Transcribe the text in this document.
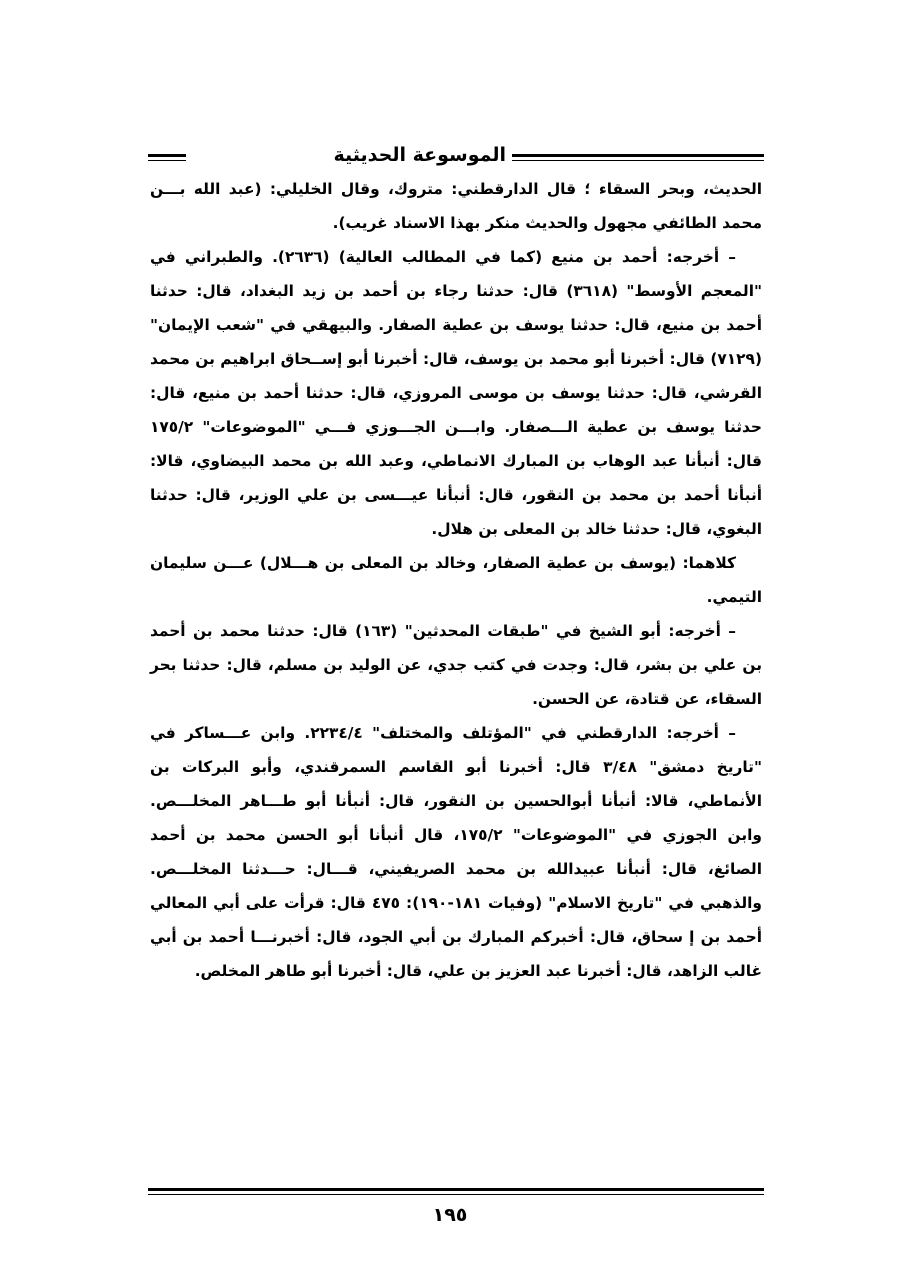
الموسوعة الحديثية

الحديث، وبحر السقاء ؛ قال الدارقطني: متروك، وقال الخليلي: (عبد الله بـــن محمد الطائفي مجهول والحديث منكر بهذا الاسناد غريب).

– أخرجه: أحمد بن منيع (كما في المطالب العالية) (٢٦٣٦). والطبراني في "المعجم الأوسط" (٣٦١٨) قال: حدثنا رجاء بن أحمد بن زيد البغداد، قال: حدثنا أحمد بن منيع، قال: حدثنا يوسف بن عطية الصفار. والبيهقي في "شعب الإيمان" (٧١٢٩) قال: أخبرنا أبو محمد بن يوسف، قال: أخبرنا أبو إســحاق ابراهيم بن محمد القرشي، قال: حدثنا يوسف بن موسى المروزي، قال: حدثنا أحمد بن منيع، قال: حدثنا يوسف بن عطية الـــصفار. وابـــن الجـــوزي فـــي "الموضوعات" ١٧٥/٢ قال: أنبأنا عبد الوهاب بن المبارك الانماطي، وعبد الله بن محمد البيضاوي، قالا: أنبأنا أحمد بن محمد بن النقور، قال: أنبأنا عيـــسى بن علي الوزير، قال: حدثنا البغوي، قال: حدثنا خالد بن المعلى بن هلال.

كلاهما: (يوسف بن عطية الصفار، وخالد بن المعلى بن هـــلال) عـــن سليمان التيمي.

– أخرجه: أبو الشيخ في "طبقات المحدثين" (١٦٣) قال: حدثنا محمد بن أحمد بن علي بن بشر، قال: وجدت في كتب جدي، عن الوليد بن مسلم، قال: حدثنا بحر السقاء، عن قتادة، عن الحسن.

– أخرجه: الدارقطني في "المؤتلف والمختلف" ٢٢٣٤/٤. وابن عـــساكر في "تاريخ دمشق" ٣/٤٨ قال: أخبرنا أبو القاسم السمرقندي، وأبو البركات بن الأنماطي، قالا: أنبأنا أبوالحسين بن النقور، قال: أنبأنا أبو طـــاهر المخلـــص. وابن الجوزي في "الموضوعات" ١٧٥/٢، قال أنبأنا أبو الحسن محمد بن أحمد الصائغ، قال: أنبأنا عبيدالله بن محمد الصريفيني، قـــال: حـــدثنا المخلـــص. والذهبي في "تاريخ الاسلام" (وفيات ١٨١-١٩٠): ٤٧٥ قال: قرأت على أبي المعالي أحمد بن إ سحاق، قال: أخبركم المبارك بن أبي الجود، قال: أخبرنـــا أحمد بن أبي غالب الزاهد، قال: أخبرنا عبد العزيز بن علي، قال: أخبرنا أبو طاهر المخلص.

١٩٥
